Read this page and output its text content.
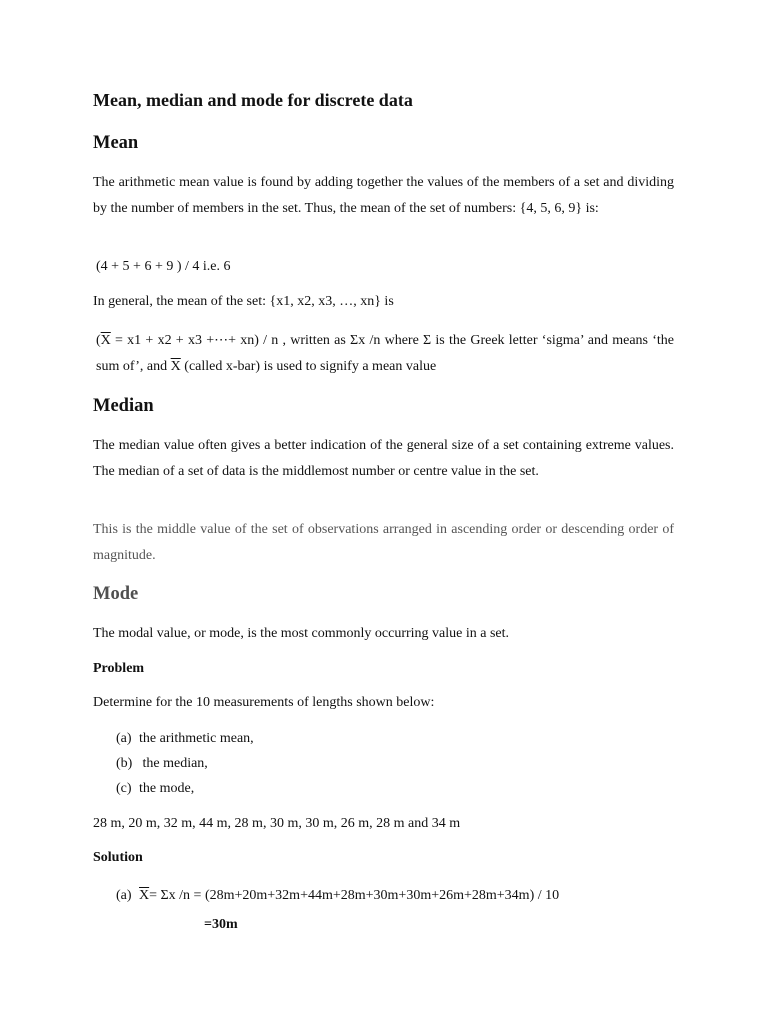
Mean, median and mode for discrete data
Mean

The arithmetic mean value is found by adding together the values of the members of a set and dividing by the number of members in the set. Thus, the mean of the set of numbers: {4, 5, 6, 9} is:

(4 + 5 + 6 + 9 ) / 4 i.e. 6

In general, the mean of the set: {x1, x2, x3, …, xn} is

($\overline{X} = x1 + x2 + x3$ +⋯+ xn) / n , written as Σx /n where Σ is the Greek letter ‘sigma’ and means ‘the sum of’, and $\overline{X}$ (called x-bar) is used to signify a mean value

Median

The median value often gives a better indication of the general size of a set containing extreme values. The median of a set of data is the middlemost number or centre value in the set.

This is the middle value of the set of observations arranged in ascending order or descending order of magnitude.

Mode

The modal value, or mode, is the most commonly occurring value in a set.

Problem

Determine for the 10 measurements of lengths shown below:

(a) the arithmetic mean,
(b) the median,
(c) the mode,

28 m, 20 m, 32 m, 44 m, 28 m, 30 m, 30 m, 26 m, 28 m and 34 m

Solution
(a) $\overline{X}= \Sigma x$ /n = (28m+20m+32m+44m+28m+30m+30m+26m+28m+34m) / 10
=30m
